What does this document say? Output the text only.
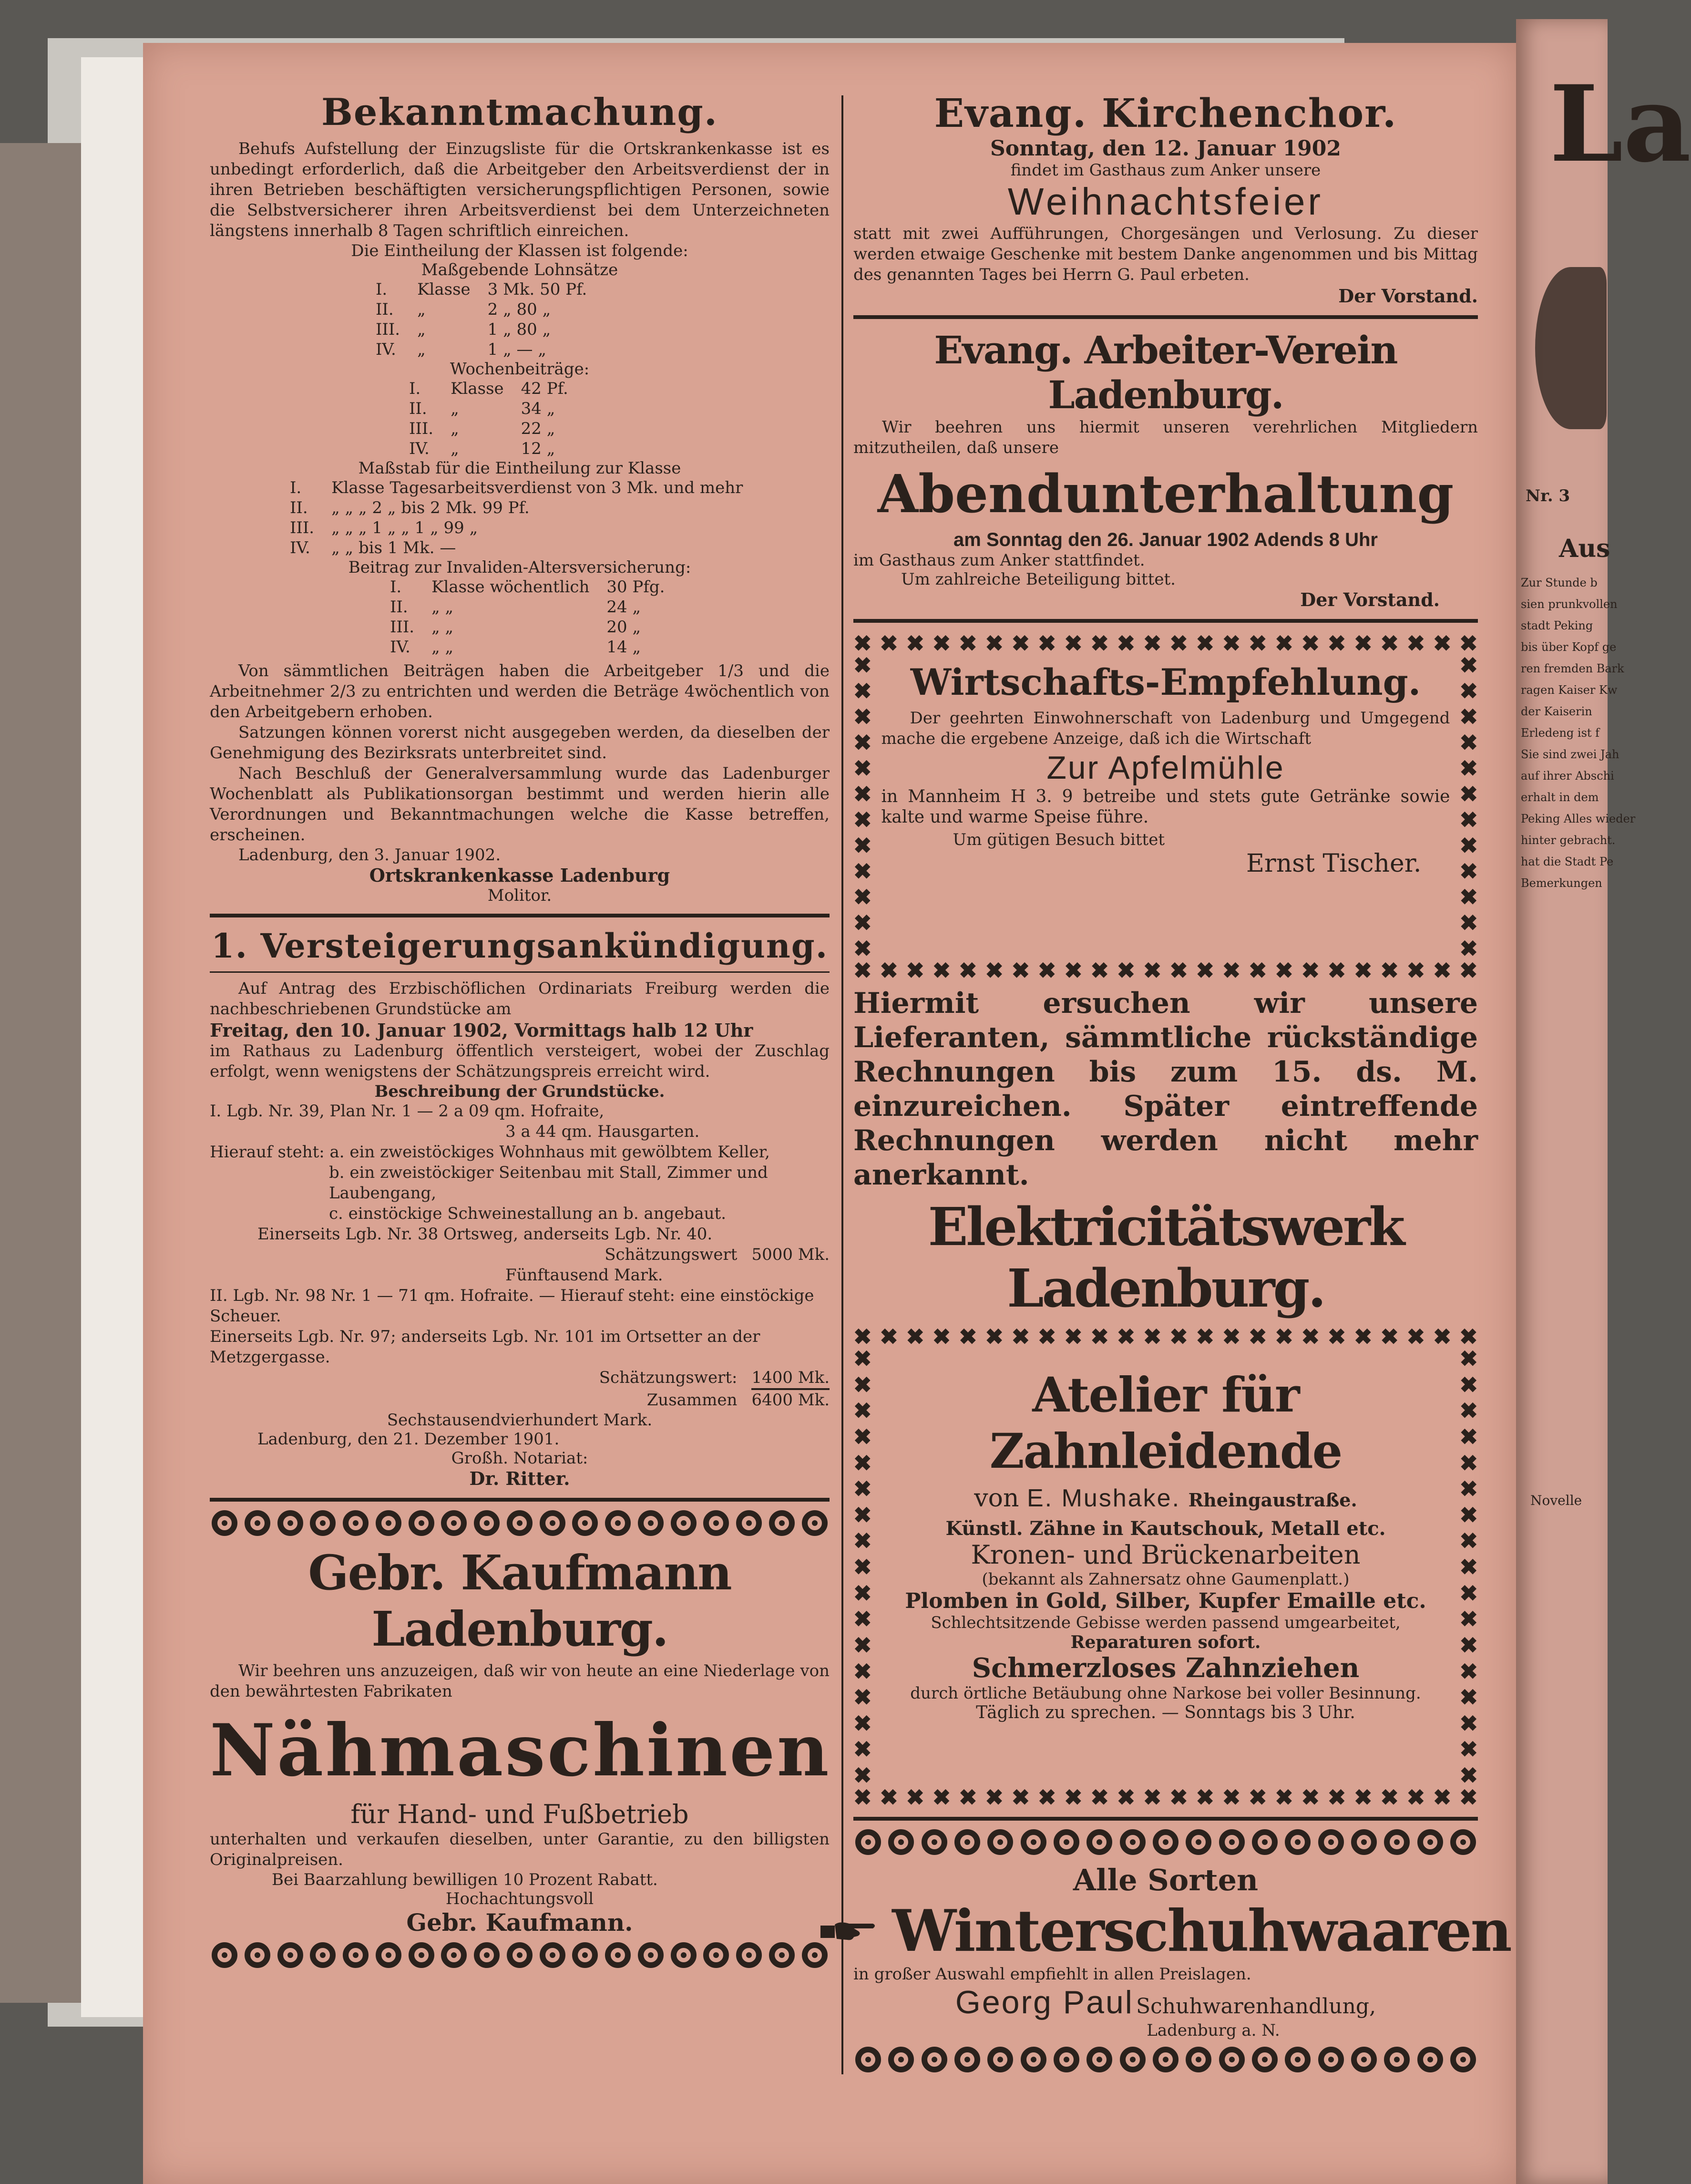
La
Nr. 3
Aus
Zur Stunde b
sien prunkvollen
stadt Peking
bis über Kopf ge
ren fremden Bark
ragen Kaiser Kw
der Kaiserin
Erledeng ist f
Sie sind zwei Jah
auf ihrer Abschi
erhalt in dem
Peking Alles wieder
hinter gebracht.
hat die Stadt Pe
Bemerkungen
Novelle
Bekanntmachung.

Behufs Aufstellung der Einzugsliste für die Ortskrankenkasse ist es unbedingt erforderlich, daß die Arbeitgeber den Arbeitsverdienst der in ihren Betrieben beschäftigten versicherungspflichtigen Personen, sowie die Selbstversicherer ihren Arbeitsverdienst bei dem Unterzeichneten längstens innerhalb 8 Tagen schriftlich einreichen.

Die Eintheilung der Klassen ist folgende:
Maßgebende Lohnsätze
I.	Klasse	3 Mk. 50 Pf.
II.	„	2 „ 80 „
III.	„	1 „ 80 „
IV.	„	1 „ — „
Wochenbeiträge:
I.	Klasse	42 Pf.
II.	„	34 „
III.	„	22 „
IV.	„	12 „
Maßstab für die Eintheilung zur Klasse
I.	Klasse Tagesarbeitsverdienst von 3 Mk. und mehr
II.	„ „ „ 2 „ bis 2 Mk. 99 Pf.
III.	„ „ „ 1 „ „ 1 „ 99 „
IV.	„ „ bis 1 Mk. —
Beitrag zur Invaliden-Altersversicherung:
I.	Klasse wöchentlich	30 Pfg.
II.	„ „	24 „
III.	„ „	20 „
IV.	„ „	14 „

Von sämmtlichen Beiträgen haben die Arbeitgeber 1/3 und die Arbeitnehmer 2/3 zu entrichten und werden die Beträge 4wöchentlich von den Arbeitgebern erhoben.

Satzungen können vorerst nicht ausgegeben werden, da dieselben der Genehmigung des Bezirksrats unterbreitet sind.

Nach Beschluß der Generalversammlung wurde das Ladenburger Wochenblatt als Publikationsorgan bestimmt und werden hierin alle Verordnungen und Bekanntmachungen welche die Kasse betreffen, erscheinen.

Ladenburg, den 3. Januar 1902.
Ortskrankenkasse Ladenburg
Molitor.
1. Versteigerungsankündigung.

Auf Antrag des Erzbischöflichen Ordinariats Freiburg werden die nachbeschriebenen Grundstücke am

Freitag, den 10. Januar 1902, Vormittags halb 12 Uhr

im Rathaus zu Ladenburg öffentlich versteigert, wobei der Zuschlag erfolgt, wenn wenigstens der Schätzungspreis erreicht wird.

Beschreibung der Grundstücke.
I. Lgb. Nr. 39, Plan Nr. 1 — 2 a 09 qm. Hofraite,
3 a 44 qm. Hausgarten.
Hierauf steht: a. ein zweistöckiges Wohnhaus mit gewölbtem Keller,
b. ein zweistöckiger Seitenbau mit Stall, Zimmer und Laubengang,
c. einstöckige Schweinestallung an b. angebaut.
Einerseits Lgb. Nr. 38 Ortsweg, anderseits Lgb. Nr. 40.
Schätzungswert 5000 Mk.
Fünftausend Mark.
II. Lgb. Nr. 98 Nr. 1 — 71 qm. Hofraite. — Hierauf steht: eine einstöckige Scheuer.
Einerseits Lgb. Nr. 97; anderseits Lgb. Nr. 101 im Ortsetter an der Metzgergasse.
Schätzungswert: 1400 Mk.
Zusammen 6400 Mk.
Sechstausendvierhundert Mark.
Ladenburg, den 21. Dezember 1901.
Großh. Notariat:
Dr. Ritter.
Gebr. Kaufmann Ladenburg.

Wir beehren uns anzuzeigen, daß wir von heute an eine Niederlage von den bewährtesten Fabrikaten

Nähmaschinen
für Hand- und Fußbetrieb

unterhalten und verkaufen dieselben, unter Garantie, zu den billigsten Originalpreisen.

Bei Baarzahlung bewilligen 10 Prozent Rabatt.
Hochachtungsvoll
Gebr. Kaufmann.
Evang. Kirchenchor.
Sonntag, den 12. Januar 1902
findet im Gasthaus zum Anker unsere
Weihnachtsfeier

statt mit zwei Aufführungen, Chorgesängen und Verlosung. Zu dieser werden etwaige Geschenke mit bestem Danke angenommen und bis Mittag des genannten Tages bei Herrn G. Paul erbeten.

Der Vorstand.
Evang. Arbeiter-Verein Ladenburg.

Wir beehren uns hiermit unseren verehrlichen Mitgliedern mitzutheilen, daß unsere

Abendunterhaltung
am Sonntag den 26. Januar 1902 Adends 8 Uhr
im Gasthaus zum Anker stattfindet.
Um zahlreiche Beteiligung bittet.
Der Vorstand.
✖ ✖ ✖ ✖ ✖ ✖ ✖ ✖ ✖ ✖ ✖ ✖ ✖ ✖ ✖ ✖ ✖ ✖ ✖ ✖ ✖ ✖ ✖ ✖
✖
✖
✖
✖
✖
✖
✖
✖
✖
✖
✖
✖
Wirtschafts-Empfehlung.

Der geehrten Einwohnerschaft von Ladenburg und Umgegend mache die ergebene Anzeige, daß ich die Wirtschaft

Zur Apfelmühle

in Mannheim H 3. 9 betreibe und stets gute Getränke sowie kalte und warme Speise führe.

Um gütigen Besuch bittet
Ernst Tischer.
✖
✖
✖
✖
✖
✖
✖
✖
✖
✖
✖
✖
✖ ✖ ✖ ✖ ✖ ✖ ✖ ✖ ✖ ✖ ✖ ✖ ✖ ✖ ✖ ✖ ✖ ✖ ✖ ✖ ✖ ✖ ✖ ✖

Hiermit ersuchen wir unsere Lieferanten, sämmtliche rückständige Rechnungen bis zum 15. ds. M. einzureichen. Später eintreffende Rechnungen werden nicht mehr anerkannt.

Elektricitätswerk Ladenburg.
✖ ✖ ✖ ✖ ✖ ✖ ✖ ✖ ✖ ✖ ✖ ✖ ✖ ✖ ✖ ✖ ✖ ✖ ✖ ✖ ✖ ✖ ✖ ✖
✖
✖
✖
✖
✖
✖
✖
✖
✖
✖
✖
✖
✖
✖
✖
✖
✖
Atelier für Zahnleidende
von E. Mushake. Rheingaustraße.
Künstl. Zähne in Kautschouk, Metall etc.
Kronen- und Brückenarbeiten
(bekannt als Zahnersatz ohne Gaumenplatt.)
Plomben in Gold, Silber, Kupfer Emaille etc.
Schlechtsitzende Gebisse werden passend umgearbeitet,
Reparaturen sofort.
Schmerzloses Zahnziehen
durch örtliche Betäubung ohne Narkose bei voller Besinnung.
Täglich zu sprechen. — Sonntags bis 3 Uhr.
✖
✖
✖
✖
✖
✖
✖
✖
✖
✖
✖
✖
✖
✖
✖
✖
✖
✖ ✖ ✖ ✖ ✖ ✖ ✖ ✖ ✖ ✖ ✖ ✖ ✖ ✖ ✖ ✖ ✖ ✖ ✖ ✖ ✖ ✖ ✖ ✖
Alle Sorten
Winterschuhwaaren
in großer Auswahl empfiehlt in allen Preislagen.
Georg Paul Schuhwarenhandlung,
Ladenburg a. N.
